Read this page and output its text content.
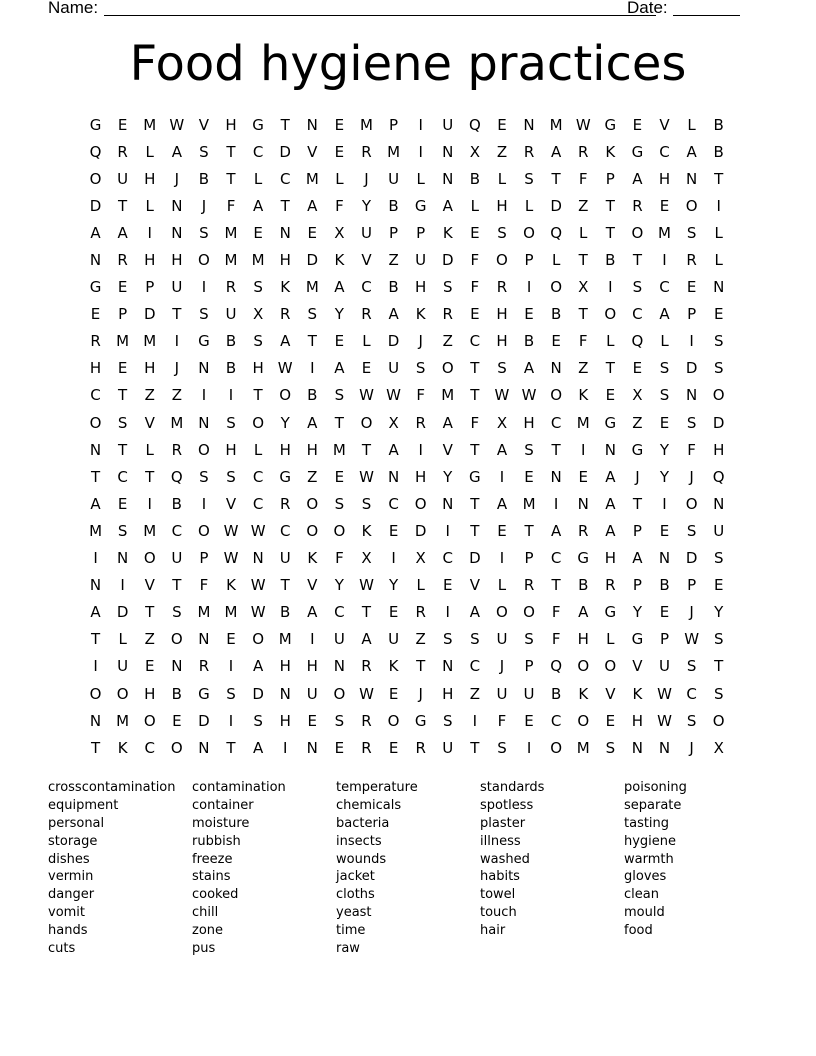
Name:	Date:
Food hygiene practices
G	E	M W V	H	G	T	N	E	M	P	I	U	Q	E	N	M W G	E	V	L	B
Q	R	L	A	S	T	C	D	V	E	R	M	I	N	X	Z	R	A	R	K	G	C	A	B
O	U	H	J	B	T	L	C	M	L	J	U	L	N	B	L	S	T	F	P	A	H	N	T
D	T	L	N	J	F	A	T	A	F	Y	B	G	A	L	H	L	D	Z	T	R	E	O	I
A	A	I	N	S	M	E	N	E	X	U	P	P	K	E	S	O	Q	L	T	O M	S	L
N	R	H	H	O M M H	D	K	V	Z	U	D	F	O	P	L	T	B	T	I	R	L
G	E	P	U	I	R	S	K	M	A	C	B	H	S	F	R	I	O	X	I	S	C	E	N
E	P	D	T	S	U	X	R	S	Y	R	A	K	R	E	H	E	B	T	O	C	A	P	E
R	M M	I	G	B	S	A	T	E	L	D	J	Z	C	H	B	E	F	L	Q	L	I	S
H	E	H	J	N	B	H W	I	A	E	U	S	O	T	S	A	N	Z	T	E	S	D	S
C	T	Z	Z	I	I	T	O	B	S W W	F	M	T	W W O	K	E	X	S	N	O
O	S	V	M	N	S	O	Y	A	T	O	X	R	A	F	X	H	C	M G	Z	E	S	D
N	T	L	R	O	H	L	H	H M	T	A	I	V	T	A	S	T	I	N	G	Y	F	H
T	C	T	Q	S	S	C	G	Z	E W N	H	Y	G	I	E	N	E	A	J	Y	J	Q
A	E	I	B	I	V	C	R	O	S	S	C	O	N	T	A	M	I	N	A	T	I	O	N
M	S	M	C	O W W C	O	O	K	E	D	I	T	E	T	A	R	A	P	E	S	U
I	N	O	U	P	W N	U	K	F	X	I	X	C	D	I	P	C	G	H	A	N	D	S
N	I	V	T	F	K W	T	V	Y	W	Y	L	E	V	L	R	T	B	R	P	B	P	E
A	D	T	S	M M W B	A	C	T	E	R	I	A	O	O	F	A	G	Y	E	J	Y
T	L	Z	O	N	E	O M	I	U	A	U	Z	S	S	U	S	F	H	L	G	P	W S
I	U	E	N	R	I	A	H	H	N	R	K	T	N	C	J	P	Q	O	O	V	U	S	T
O	O	H	B	G	S	D	N	U	O W E	J	H	Z	U	U	B	K	V	K W C	S
N	M O	E	D	I	S	H	E	S	R	O	G	S	I	F	E	C	O	E	H W S	O
T	K	C	O	N	T	A	I	N	E	R	E	R	U	T	S	I	O M	S	N	N	J	X
crosscontamination
equipment
personal
storage
dishes
vermin
danger
vomit
hands
cuts
contamination
container
moisture
rubbish
freeze
stains
cooked
chill
zone
pus
temperature
chemicals
bacteria
insects
wounds
jacket
cloths
yeast
time
raw
standards
spotless
plaster
illness
washed
habits
towel
touch
hair
poisoning
separate
tasting
hygiene
warmth
gloves
clean
mould
food
